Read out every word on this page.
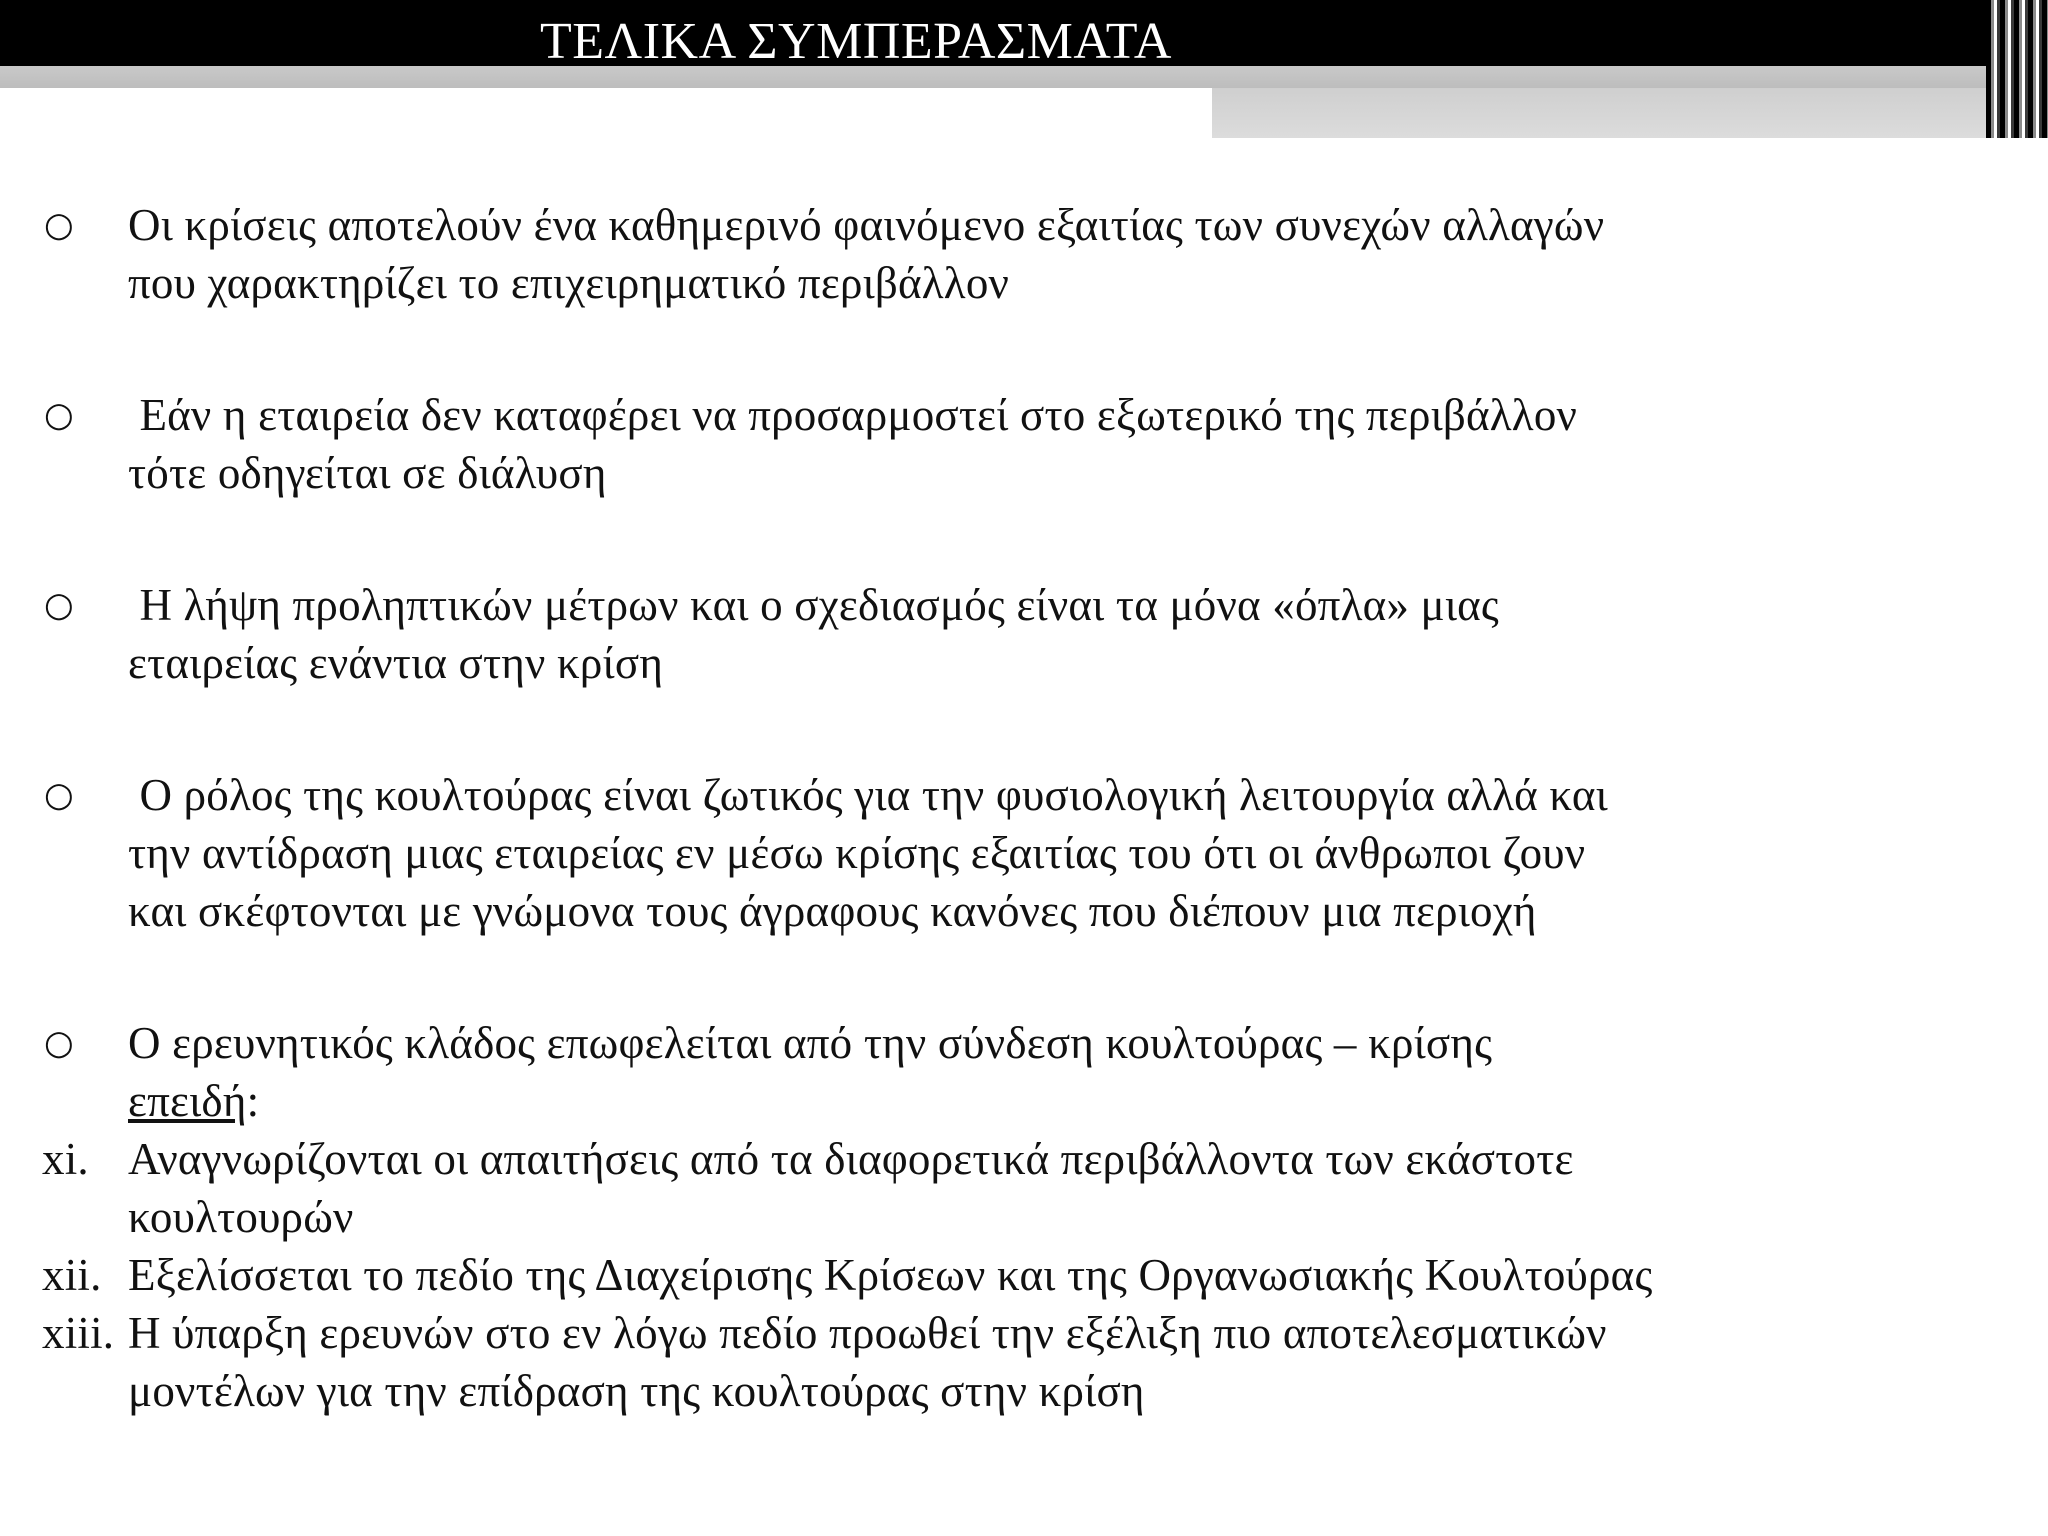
ΤΕΛΙΚΑ ΣΥΜΠΕΡΑΣΜΑΤΑ
○ Οι κρίσεις αποτελούν ένα καθημερινό φαινόμενο εξαιτίας των συνεχών αλλαγών
που χαρακτηρίζει το επιχειρηματικό περιβάλλον
○ Εάν η εταιρεία δεν καταφέρει να προσαρμοστεί στο εξωτερικό της περιβάλλον
τότε οδηγείται σε διάλυση
○ Η λήψη προληπτικών μέτρων και ο σχεδιασμός είναι τα μόνα «όπλα» μιας
εταιρείας ενάντια στην κρίση
○ Ο ρόλος της κουλτούρας είναι ζωτικός για την φυσιολογική λειτουργία αλλά και
την αντίδραση μιας εταιρείας εν μέσω κρίσης εξαιτίας του ότι οι άνθρωποι ζουν
και σκέφτονται με γνώμονα τους άγραφους κανόνες που διέπουν μια περιοχή
○ Ο ερευνητικός κλάδος επωφελείται από την σύνδεση κουλτούρας – κρίσης
επειδή:
xi. Αναγνωρίζονται οι απαιτήσεις από τα διαφορετικά περιβάλλοντα των εκάστοτε
κουλτουρών
xii. Εξελίσσεται το πεδίο της Διαχείρισης Κρίσεων και της Οργανωσιακής Κουλτούρας
xiii. Η ύπαρξη ερευνών στο εν λόγω πεδίο προωθεί την εξέλιξη πιο αποτελεσματικών
μοντέλων για την επίδραση της κουλτούρας στην κρίση
